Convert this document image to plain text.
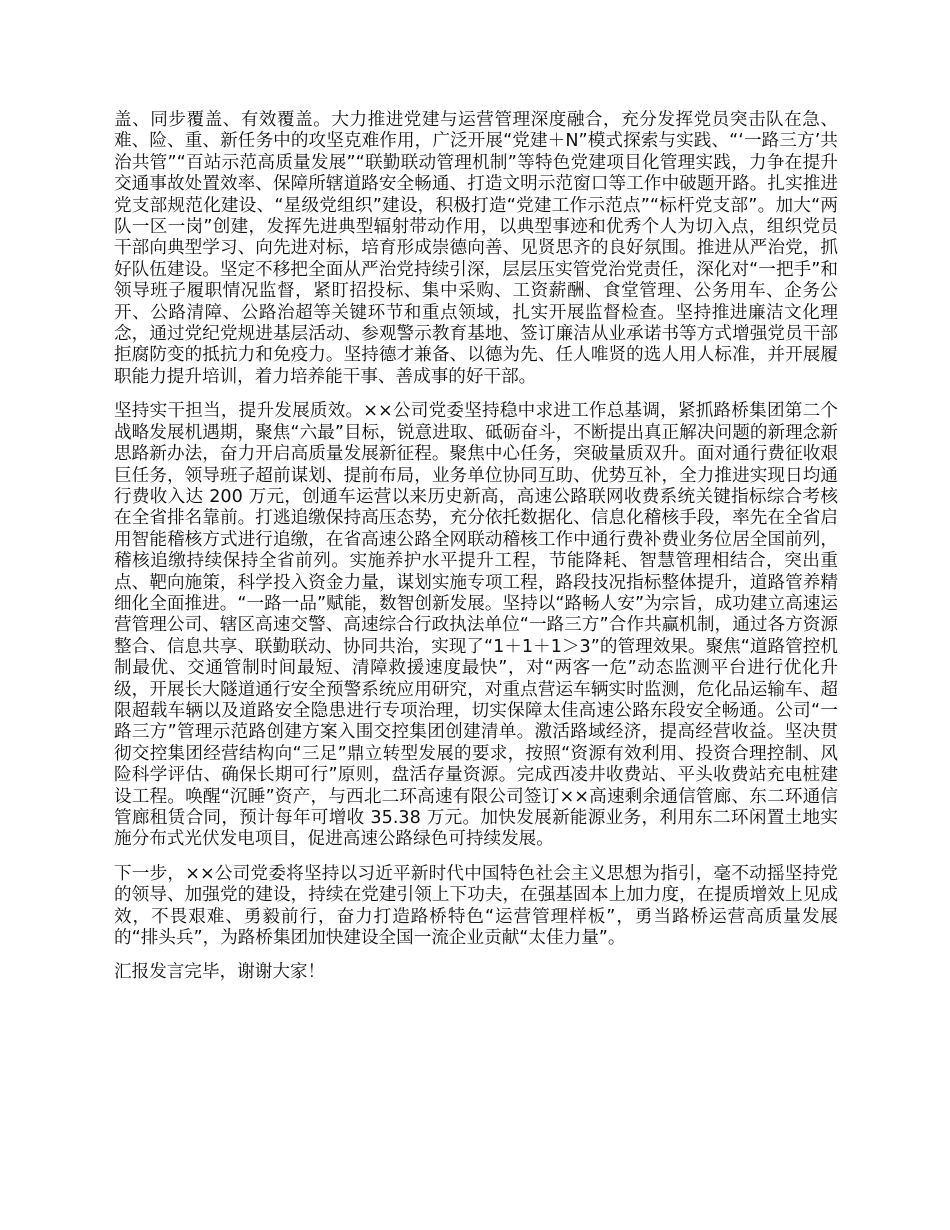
盖、同步覆盖、有效覆盖。大力推进党建与运营管理深度融合，充分发挥党员突击队在急、难、险、重、新任务中的攻坚克难作用，广泛开展“党建＋N”模式探索与实践、“‘一路三方’共治共管”“百站示范高质量发展”“联勤联动管理机制”等特色党建项目化管理实践，力争在提升交通事故处置效率、保障所辖道路安全畅通、打造文明示范窗口等工作中破题开路。扎实推进党支部规范化建设、“星级党组织”建设，积极打造“党建工作示范点”“标杆党支部”。加大“两队一区一岗”创建，发挥先进典型辐射带动作用，以典型事迹和优秀个人为切入点，组织党员干部向典型学习、向先进对标，培育形成崇德向善、见贤思齐的良好氛围。推进从严治党，抓好队伍建设。坚定不移把全面从严治党持续引深，层层压实管党治党责任，深化对“一把手”和领导班子履职情况监督，紧盯招投标、集中采购、工资薪酬、食堂管理、公务用车、企务公开、公路清障、公路治超等关键环节和重点领域，扎实开展监督检查。坚持推进廉洁文化理念，通过党纪党规进基层活动、参观警示教育基地、签订廉洁从业承诺书等方式增强党员干部拒腐防变的抵抗力和免疫力。坚持德才兼备、以德为先、任人唯贤的选人用人标准，并开展履职能力提升培训，着力培养能干事、善成事的好干部。

坚持实干担当，提升发展质效。××公司党委坚持稳中求进工作总基调，紧抓路桥集团第二个战略发展机遇期，聚焦“六最”目标，锐意进取、砥砺奋斗，不断提出真正解决问题的新理念新思路新办法，奋力开启高质量发展新征程。聚焦中心任务，突破量质双升。面对通行费征收艰巨任务，领导班子超前谋划、提前布局，业务单位协同互助、优势互补，全力推进实现日均通行费收入达 200 万元，创通车运营以来历史新高，高速公路联网收费系统关键指标综合考核在全省排名靠前。打逃追缴保持高压态势，充分依托数据化、信息化稽核手段，率先在全省启用智能稽核方式进行追缴，在省高速公路全网联动稽核工作中通行费补费业务位居全国前列，稽核追缴持续保持全省前列。实施养护水平提升工程，节能降耗、智慧管理相结合，突出重点、靶向施策，科学投入资金力量，谋划实施专项工程，路段技况指标整体提升，道路管养精细化全面推进。“一路一品”赋能，数智创新发展。坚持以“路畅人安”为宗旨，成功建立高速运营管理公司、辖区高速交警、高速综合行政执法单位“一路三方”合作共赢机制，通过各方资源整合、信息共享、联勤联动、协同共治，实现了“1＋1＋1＞3”的管理效果。聚焦“道路管控机制最优、交通管制时间最短、清障救援速度最快”，对“两客一危”动态监测平台进行优化升级，开展长大隧道通行安全预警系统应用研究，对重点营运车辆实时监测，危化品运输车、超限超载车辆以及道路安全隐患进行专项治理，切实保障太佳高速公路东段安全畅通。公司“一路三方”管理示范路创建方案入围交控集团创建清单。激活路域经济，提高经营收益。坚决贯彻交控集团经营结构向“三足”鼎立转型发展的要求，按照“资源有效利用、投资合理控制、风险科学评估、确保长期可行”原则，盘活存量资源。完成西凌井收费站、平头收费站充电桩建设工程。唤醒“沉睡”资产，与西北二环高速有限公司签订××高速剩余通信管廊、东二环通信管廊租赁合同，预计每年可增收 35.38 万元。加快发展新能源业务，利用东二环闲置土地实施分布式光伏发电项目，促进高速公路绿色可持续发展。

下一步，××公司党委将坚持以习近平新时代中国特色社会主义思想为指引，毫不动摇坚持党的领导、加强党的建设，持续在党建引领上下功夫，在强基固本上加力度，在提质增效上见成效，不畏艰难、勇毅前行，奋力打造路桥特色“运营管理样板”，勇当路桥运营高质量发展的“排头兵”，为路桥集团加快建设全国一流企业贡献“太佳力量”。

汇报发言完毕，谢谢大家！
